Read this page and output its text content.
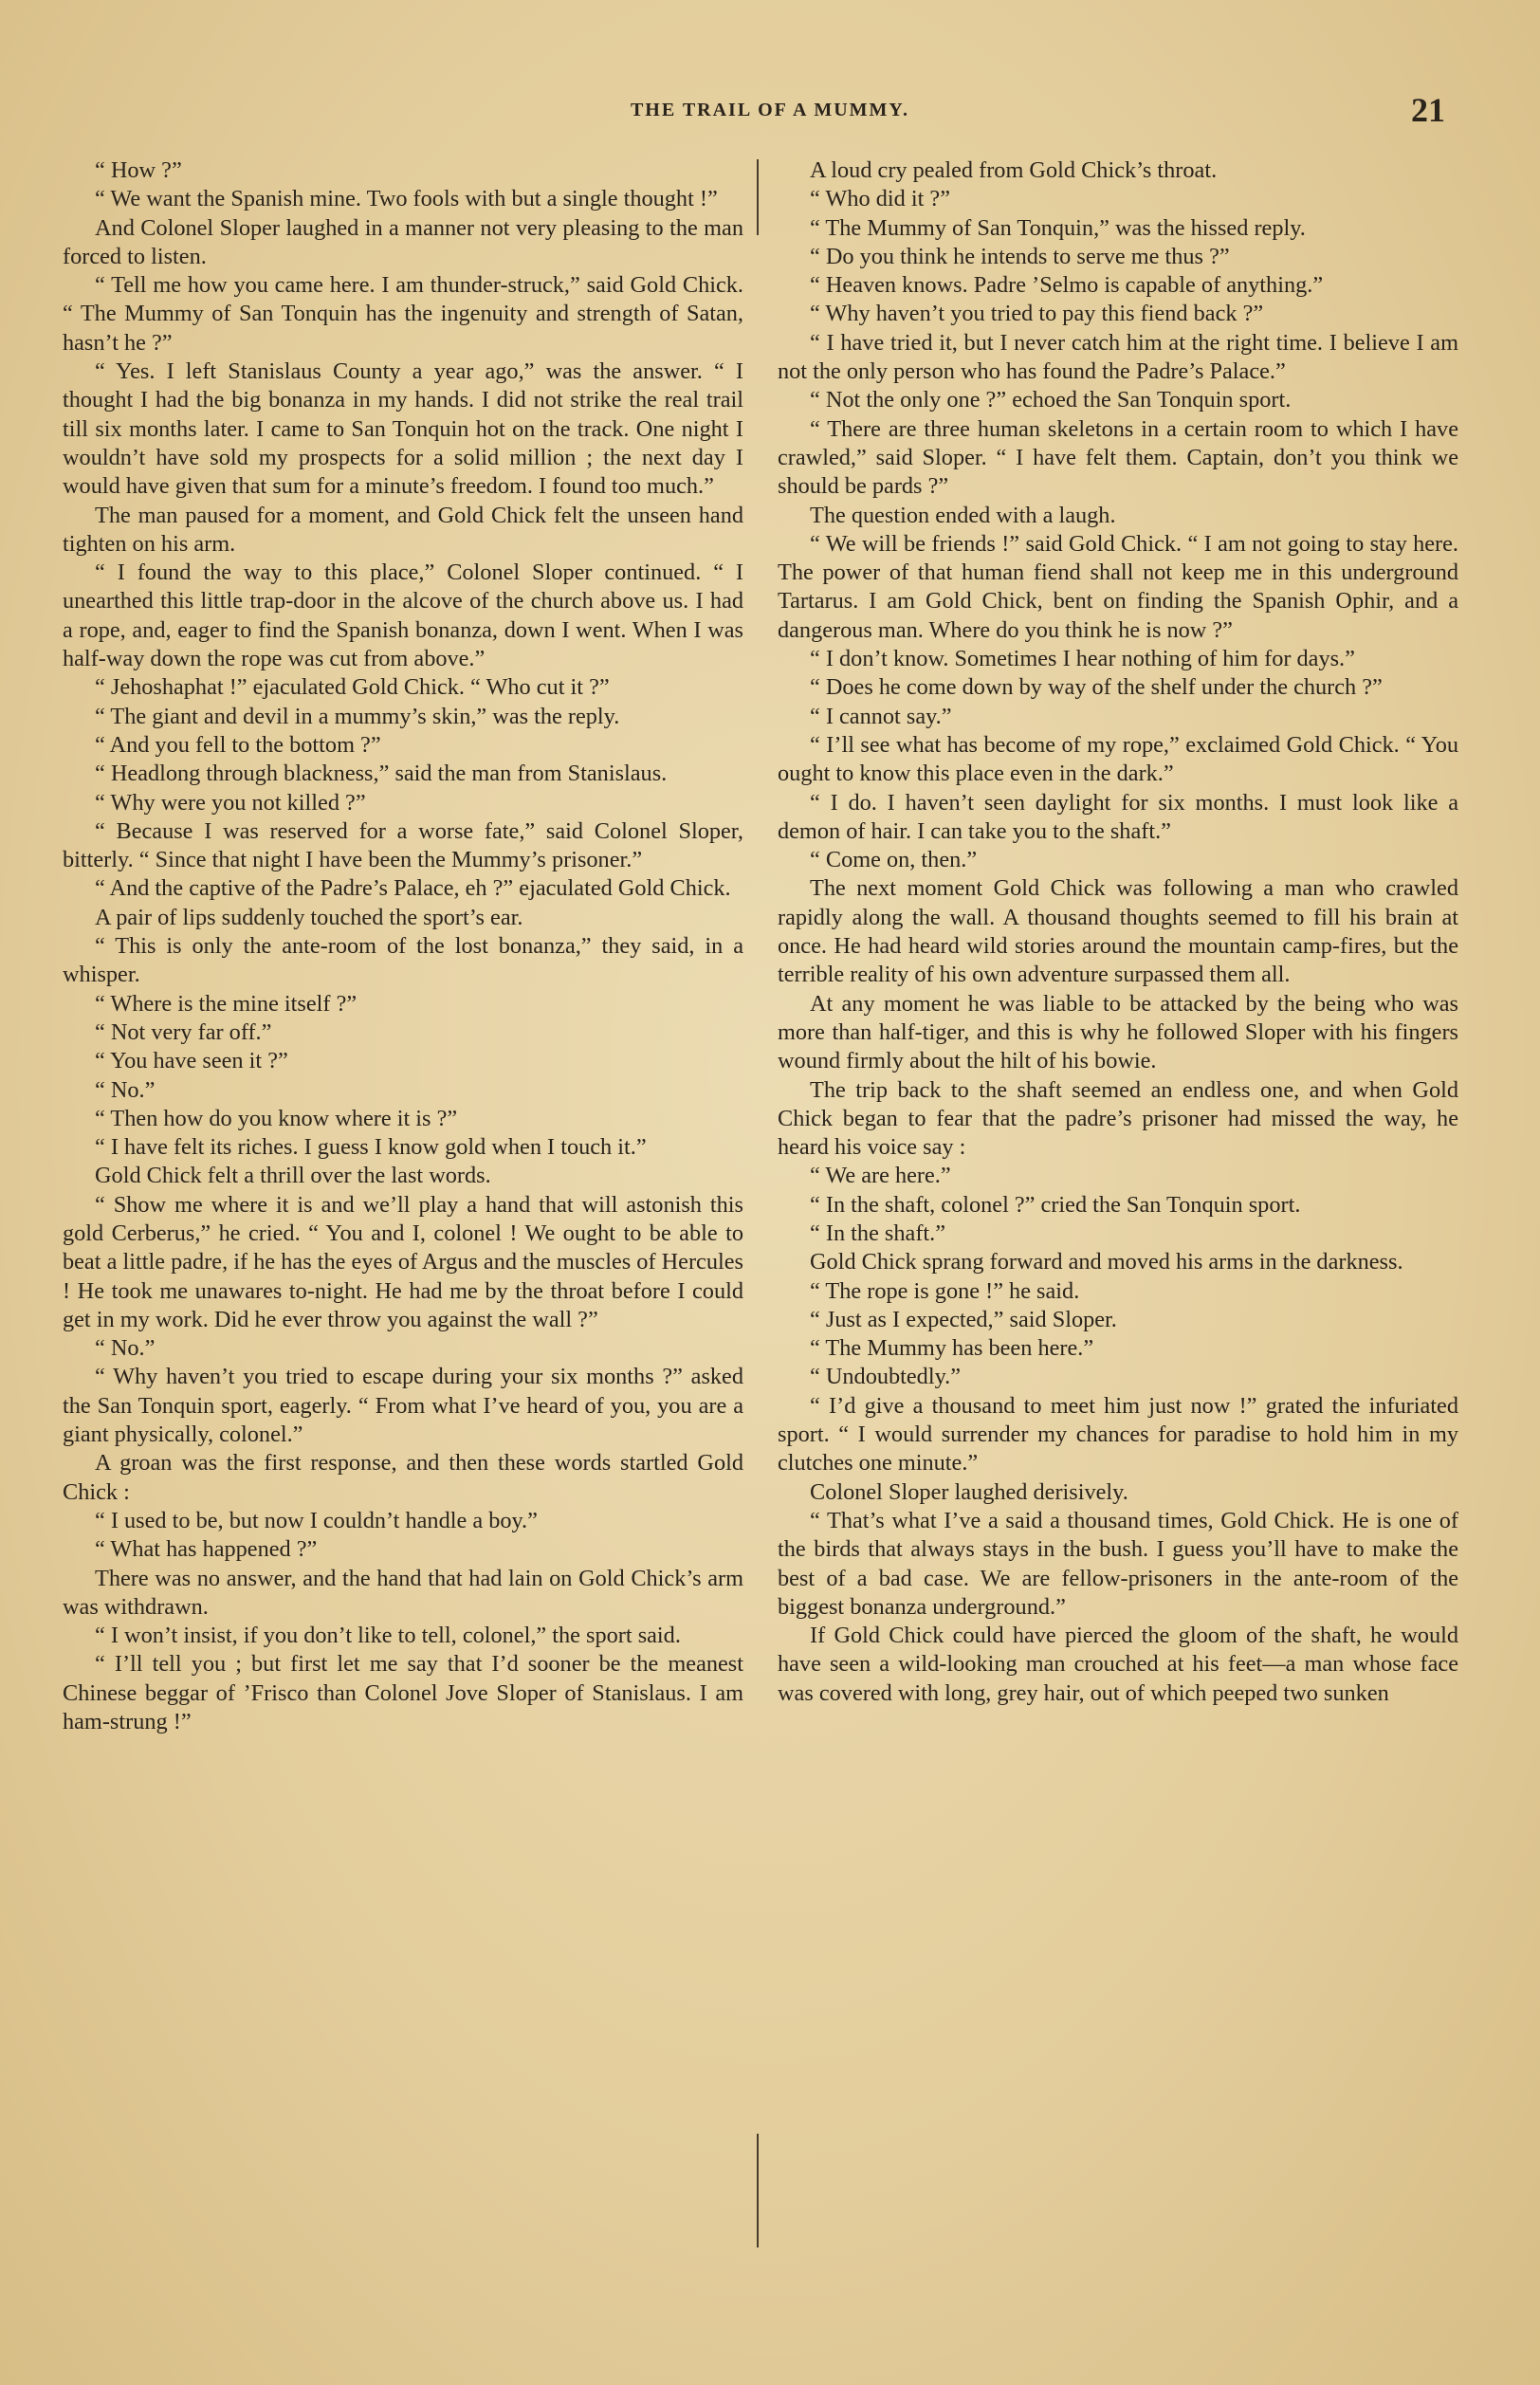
THE TRAIL OF A MUMMY.	21

“ How ?”

“ We want the Spanish mine. Two fools with but a single thought !”

And Colonel Sloper laughed in a manner not very pleasing to the man forced to listen.

“ Tell me how you came here. I am thunder-struck,” said Gold Chick. “ The Mummy of San Tonquin has the ingenuity and strength of Satan, hasn’t he ?”

“ Yes. I left Stanislaus County a year ago,” was the answer. “ I thought I had the big bonanza in my hands. I did not strike the real trail till six months later. I came to San Tonquin hot on the track. One night I wouldn’t have sold my prospects for a solid million ; the next day I would have given that sum for a minute’s freedom. I found too much.”

The man paused for a moment, and Gold Chick felt the unseen hand tighten on his arm.

“ I found the way to this place,” Colonel Sloper continued. “ I unearthed this little trap-door in the alcove of the church above us. I had a rope, and, eager to find the Spanish bonanza, down I went. When I was half-way down the rope was cut from above.”

“ Jehoshaphat !” ejaculated Gold Chick. “ Who cut it ?”

“ The giant and devil in a mummy’s skin,” was the reply.

“ And you fell to the bottom ?”

“ Headlong through blackness,” said the man from Stanislaus.

“ Why were you not killed ?”

“ Because I was reserved for a worse fate,” said Colonel Sloper, bitterly. “ Since that night I have been the Mummy’s prisoner.”

“ And the captive of the Padre’s Palace, eh ?” ejaculated Gold Chick.

A pair of lips suddenly touched the sport’s ear.

“ This is only the ante-room of the lost bonanza,” they said, in a whisper.

“ Where is the mine itself ?”

“ Not very far off.”

“ You have seen it ?”

“ No.”

“ Then how do you know where it is ?”

“ I have felt its riches. I guess I know gold when I touch it.”

Gold Chick felt a thrill over the last words.

“ Show me where it is and we’ll play a hand that will astonish this gold Cerberus,” he cried. “ You and I, colonel ! We ought to be able to beat a little padre, if he has the eyes of Argus and the muscles of Hercules ! He took me unawares to-night. He had me by the throat before I could get in my work. Did he ever throw you against the wall ?”

“ No.”

“ Why haven’t you tried to escape during your six months ?” asked the San Tonquin sport, eagerly. “ From what I’ve heard of you, you are a giant physically, colonel.”

A groan was the first response, and then these words startled Gold Chick :

“ I used to be, but now I couldn’t handle a boy.”

“ What has happened ?”

There was no answer, and the hand that had lain on Gold Chick’s arm was withdrawn.

“ I won’t insist, if you don’t like to tell, colonel,” the sport said.

“ I’ll tell you ; but first let me say that I’d sooner be the meanest Chinese beggar of ’Frisco than Colonel Jove Sloper of Stanislaus. I am ham-strung !”

A loud cry pealed from Gold Chick’s throat.

“ Who did it ?”

“ The Mummy of San Tonquin,” was the hissed reply.

“ Do you think he intends to serve me thus ?”

“ Heaven knows. Padre ’Selmo is capable of anything.”

“ Why haven’t you tried to pay this fiend back ?”

“ I have tried it, but I never catch him at the right time. I believe I am not the only person who has found the Padre’s Palace.”

“ Not the only one ?” echoed the San Tonquin sport.

“ There are three human skeletons in a certain room to which I have crawled,” said Sloper. “ I have felt them. Captain, don’t you think we should be pards ?”

The question ended with a laugh.

“ We will be friends !” said Gold Chick. “ I am not going to stay here. The power of that human fiend shall not keep me in this underground Tartarus. I am Gold Chick, bent on finding the Spanish Ophir, and a dangerous man. Where do you think he is now ?”

“ I don’t know. Sometimes I hear nothing of him for days.”

“ Does he come down by way of the shelf under the church ?”

“ I cannot say.”

“ I’ll see what has become of my rope,” exclaimed Gold Chick. “ You ought to know this place even in the dark.”

“ I do. I haven’t seen daylight for six months. I must look like a demon of hair. I can take you to the shaft.”

“ Come on, then.”

The next moment Gold Chick was following a man who crawled rapidly along the wall. A thousand thoughts seemed to fill his brain at once. He had heard wild stories around the mountain camp-fires, but the terrible reality of his own adventure surpassed them all.

At any moment he was liable to be attacked by the being who was more than half-tiger, and this is why he followed Sloper with his fingers wound firmly about the hilt of his bowie.

The trip back to the shaft seemed an endless one, and when Gold Chick began to fear that the padre’s prisoner had missed the way, he heard his voice say :

“ We are here.”

“ In the shaft, colonel ?” cried the San Tonquin sport.

“ In the shaft.”

Gold Chick sprang forward and moved his arms in the darkness.

“ The rope is gone !” he said.

“ Just as I expected,” said Sloper.

“ The Mummy has been here.”

“ Undoubtedly.”

“ I’d give a thousand to meet him just now !” grated the infuriated sport. “ I would surrender my chances for paradise to hold him in my clutches one minute.”

Colonel Sloper laughed derisively.

“ That’s what I’ve a said a thousand times, Gold Chick. He is one of the birds that always stays in the bush. I guess you’ll have to make the best of a bad case. We are fellow-prisoners in the ante-room of the biggest bonanza underground.”

If Gold Chick could have pierced the gloom of the shaft, he would have seen a wild-looking man crouched at his feet—a man whose face was covered with long, grey hair, out of which peeped two sunken
